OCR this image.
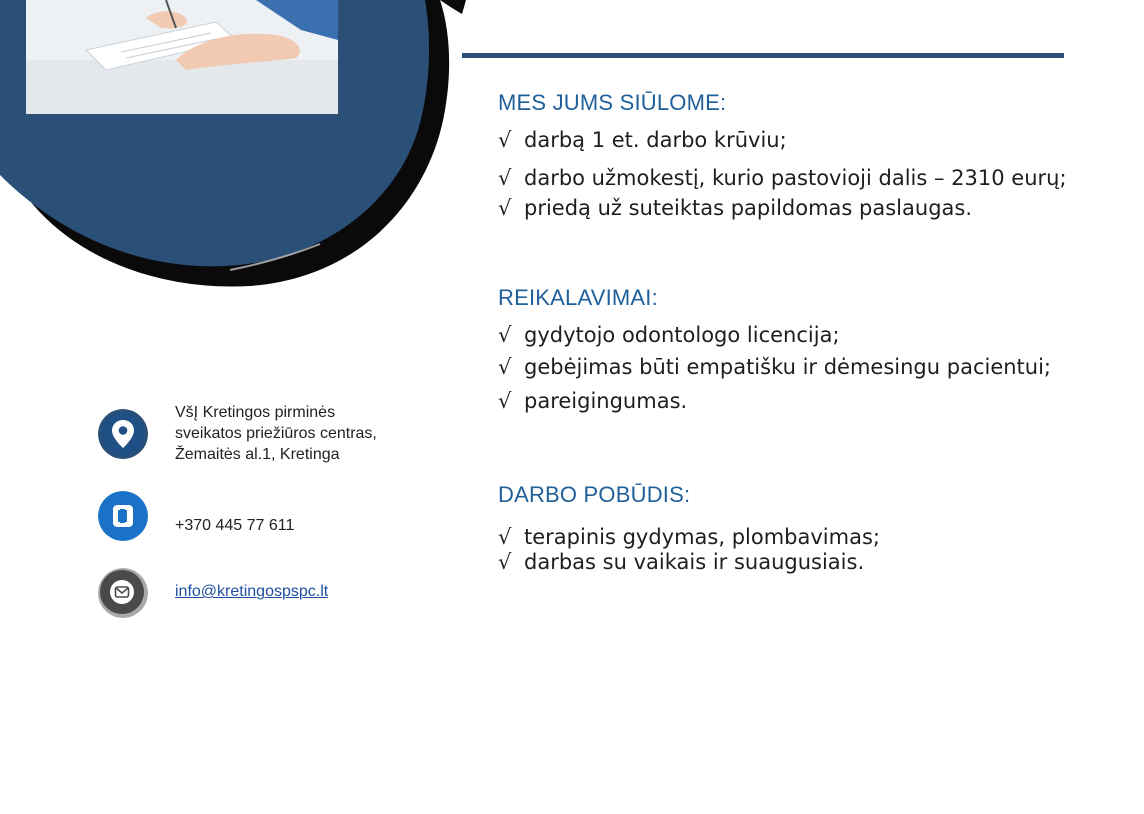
MES JUMS SIŪLOME:
√ darbą 1 et. darbo krūviu;
√ darbo užmokestį, kurio pastovioji dalis – 2310 eurų;
√ priedą už suteiktas papildomas paslaugas.
REIKALAVIMAI:
√ gydytojo odontologo licencija;
√ gebėjimas būti empatišku ir dėmesingu pacientui;
√ pareigingumas.
DARBO POBŪDIS:
√ terapinis gydymas, plombavimas;
√ darbas su vaikais ir suaugusiais.
VšĮ Kretingos pirminės
sveikatos priežiūros centras,
Žemaitės al.1, Kretinga
+370 445 77 611
info@kretingospspc.lt
